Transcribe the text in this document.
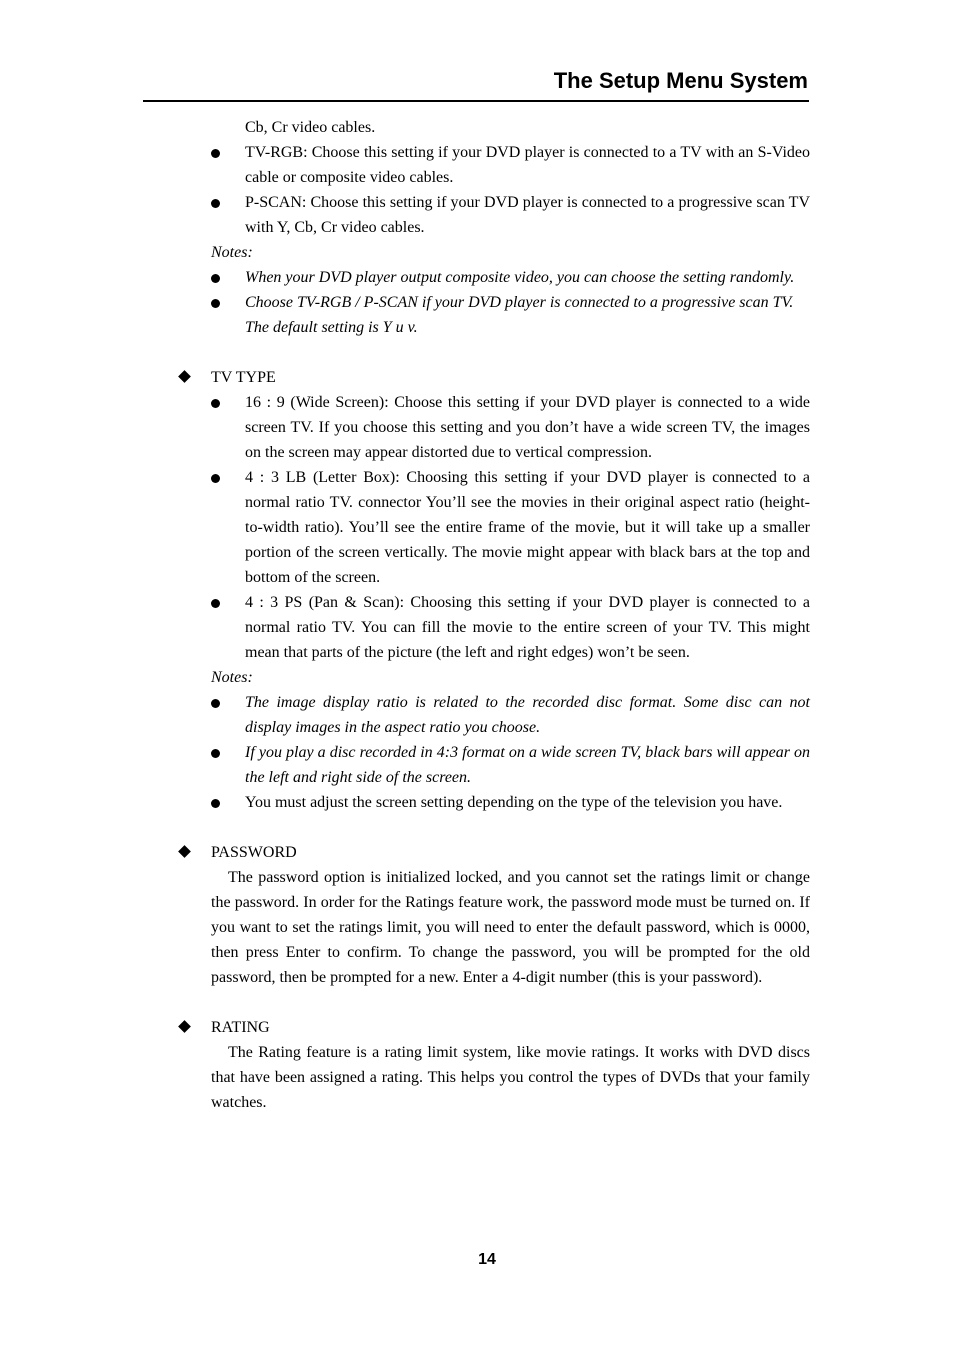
The Setup Menu System
Cb, Cr video cables.
TV-RGB: Choose this setting if your DVD player is connected to a TV with an S-Video cable or composite video cables.
P-SCAN: Choose this setting if your DVD player is connected to a progressive scan TV with Y, Cb, Cr video cables.
Notes:
When your DVD player output composite video, you can choose the setting randomly.
Choose TV-RGB / P-SCAN if your DVD player is connected to a progressive scan TV.
The default setting is Y u v.
TV TYPE
16 : 9 (Wide Screen): Choose this setting if your DVD player is connected to a wide screen TV. If you choose this setting and you don’t have a wide screen TV, the images on the screen may appear distorted due to vertical compression.
4 : 3 LB (Letter Box): Choosing this setting if your DVD player is connected to a normal ratio TV. connector You’ll see the movies in their original aspect ratio (height-to-width ratio). You’ll see the entire frame of the movie, but it will take up a smaller portion of the screen vertically. The movie might appear with black bars at the top and bottom of the screen.
4 : 3 PS (Pan & Scan): Choosing this setting if your DVD player is connected to a normal ratio TV. You can fill the movie to the entire screen of your TV. This might mean that parts of the picture (the left and right edges) won’t be seen.
Notes:
The image display ratio is related to the recorded disc format. Some disc can not display images in the aspect ratio you choose.
If you play a disc recorded in 4:3 format on a wide screen TV, black bars will appear on the left and right side of the screen.
You must adjust the screen setting depending on the type of the television you have.
PASSWORD
The password option is initialized locked, and you cannot set the ratings limit or change the password. In order for the Ratings feature work, the password mode must be turned on. If you want to set the ratings limit, you will need to enter the default password, which is 0000, then press Enter to confirm. To change the password, you will be prompted for the old password, then be prompted for a new. Enter a 4-digit number (this is your password).
RATING
The Rating feature is a rating limit system, like movie ratings. It works with DVD discs that have been assigned a rating. This helps you control the types of DVDs that your family watches.
14
